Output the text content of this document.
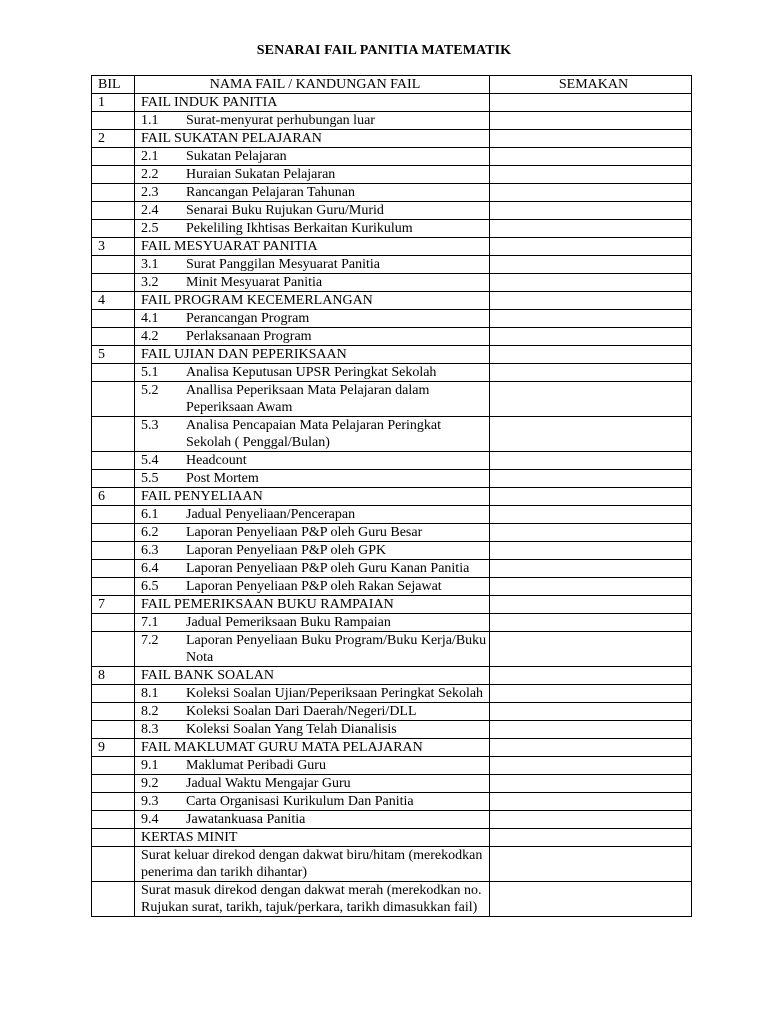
SENARAI FAIL PANITIA MATEMATIK
BIL	NAMA FAIL / KANDUNGAN FAIL	SEMAKAN
1	FAIL INDUK PANITIA	

	1.1 Surat-menyurat perhubungan luar	

2	FAIL SUKATAN PELAJARAN	

	2.1 Sukatan Pelajaran	

	2.2 Huraian Sukatan Pelajaran	

	2.3 Rancangan Pelajaran Tahunan	

	2.4 Senarai Buku Rujukan Guru/Murid	

	2.5 Pekeliling Ikhtisas Berkaitan Kurikulum	

3	FAIL MESYUARAT PANITIA	

	3.1 Surat Panggilan Mesyuarat Panitia	

	3.2 Minit Mesyuarat Panitia	

4	FAIL PROGRAM KECEMERLANGAN	

	4.1 Perancangan Program	

	4.2 Perlaksanaan Program	

5	FAIL UJIAN DAN PEPERIKSAAN	

	5.1 Analisa Keputusan UPSR Peringkat Sekolah	

	5.2 Anallisa Peperiksaan Mata Pelajaran dalam Peperiksaan Awam	

	5.3 Analisa Pencapaian Mata Pelajaran Peringkat Sekolah ( Penggal/Bulan)	

	5.4 Headcount	

	5.5 Post Mortem	

6	FAIL PENYELIAAN	

	6.1 Jadual Penyeliaan/Pencerapan	

	6.2 Laporan Penyeliaan P&P oleh Guru Besar	

	6.3 Laporan Penyeliaan P&P oleh GPK	

	6.4 Laporan Penyeliaan P&P oleh Guru Kanan Panitia	

	6.5 Laporan Penyeliaan P&P oleh Rakan Sejawat	

7	FAIL PEMERIKSAAN BUKU RAMPAIAN	

	7.1 Jadual Pemeriksaan Buku Rampaian	

	7.2 Laporan Penyeliaan Buku Program/Buku Kerja/Buku Nota	

8	FAIL BANK SOALAN	

	8.1 Koleksi Soalan Ujian/Peperiksaan Peringkat Sekolah	

	8.2 Koleksi Soalan Dari Daerah/Negeri/DLL	

	8.3 Koleksi Soalan Yang Telah Dianalisis	

9	FAIL MAKLUMAT GURU MATA PELAJARAN	

	9.1 Maklumat Peribadi Guru	

	9.2 Jadual Waktu Mengajar Guru	

	9.3 Carta Organisasi Kurikulum Dan Panitia	

	9.4 Jawatankuasa Panitia	

	KERTAS MINIT	
	Surat keluar direkod dengan dakwat biru/hitam (merekodkan penerima dan tarikh dihantar)	
	Surat masuk direkod dengan dakwat merah (merekodkan no. Rujukan surat, tarikh, tajuk/perkara, tarikh dimasukkan fail)	
